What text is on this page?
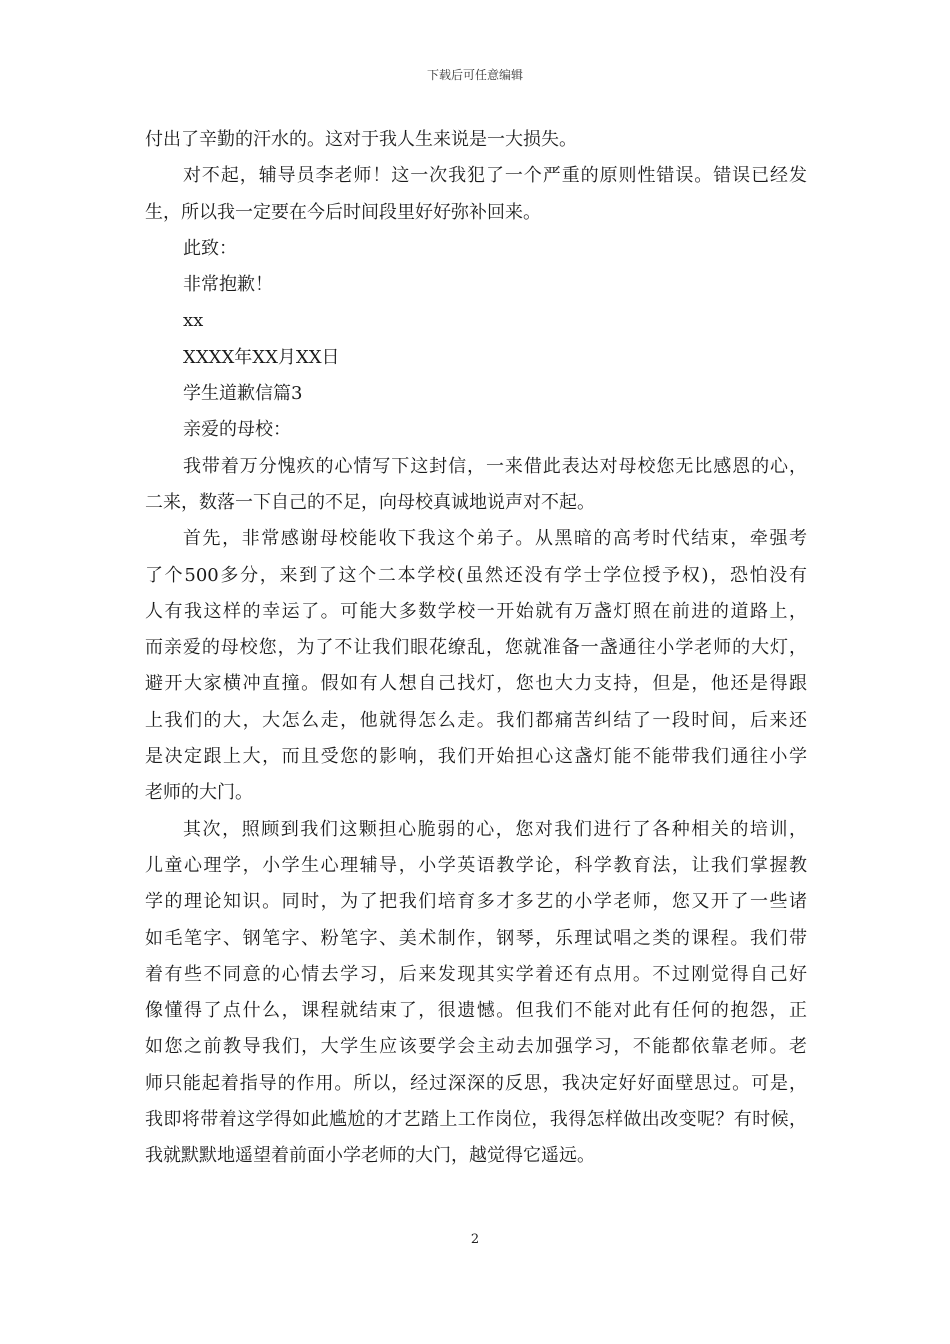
下载后可任意编辑
付出了辛勤的汗水的。这对于我人生来说是一大损失。
对不起，辅导员李老师！这一次我犯了一个严重的原则性错误。错误已经发
生，所以我一定要在今后时间段里好好弥补回来。
此致：
非常抱歉！
xx
XXXX年XX月XX日
学生道歉信篇3
亲爱的母校：
我带着万分愧疚的心情写下这封信，一来借此表达对母校您无比感恩的心，
二来，数落一下自己的不足，向母校真诚地说声对不起。
首先，非常感谢母校能收下我这个弟子。从黑暗的高考时代结束，牵强考
了个500多分，来到了这个二本学校(虽然还没有学士学位授予权)，恐怕没有
人有我这样的幸运了。可能大多数学校一开始就有万盏灯照在前进的道路上，
而亲爱的母校您，为了不让我们眼花缭乱，您就准备一盏通往小学老师的大灯，
避开大家横冲直撞。假如有人想自己找灯，您也大力支持，但是，他还是得跟
上我们的大，大怎么走，他就得怎么走。我们都痛苦纠结了一段时间，后来还
是决定跟上大，而且受您的影响，我们开始担心这盏灯能不能带我们通往小学
老师的大门。
其次，照顾到我们这颗担心脆弱的心，您对我们进行了各种相关的培训，
儿童心理学，小学生心理辅导，小学英语教学论，科学教育法，让我们掌握教
学的理论知识。同时，为了把我们培育多才多艺的小学老师，您又开了一些诸
如毛笔字、钢笔字、粉笔字、美术制作，钢琴，乐理试唱之类的课程。我们带
着有些不同意的心情去学习，后来发现其实学着还有点用。不过刚觉得自己好
像懂得了点什么，课程就结束了，很遗憾。但我们不能对此有任何的抱怨，正
如您之前教导我们，大学生应该要学会主动去加强学习，不能都依靠老师。老
师只能起着指导的作用。所以，经过深深的反思，我决定好好面壁思过。可是，
我即将带着这学得如此尴尬的才艺踏上工作岗位，我得怎样做出改变呢？有时候，
我就默默地遥望着前面小学老师的大门，越觉得它遥远。
2
